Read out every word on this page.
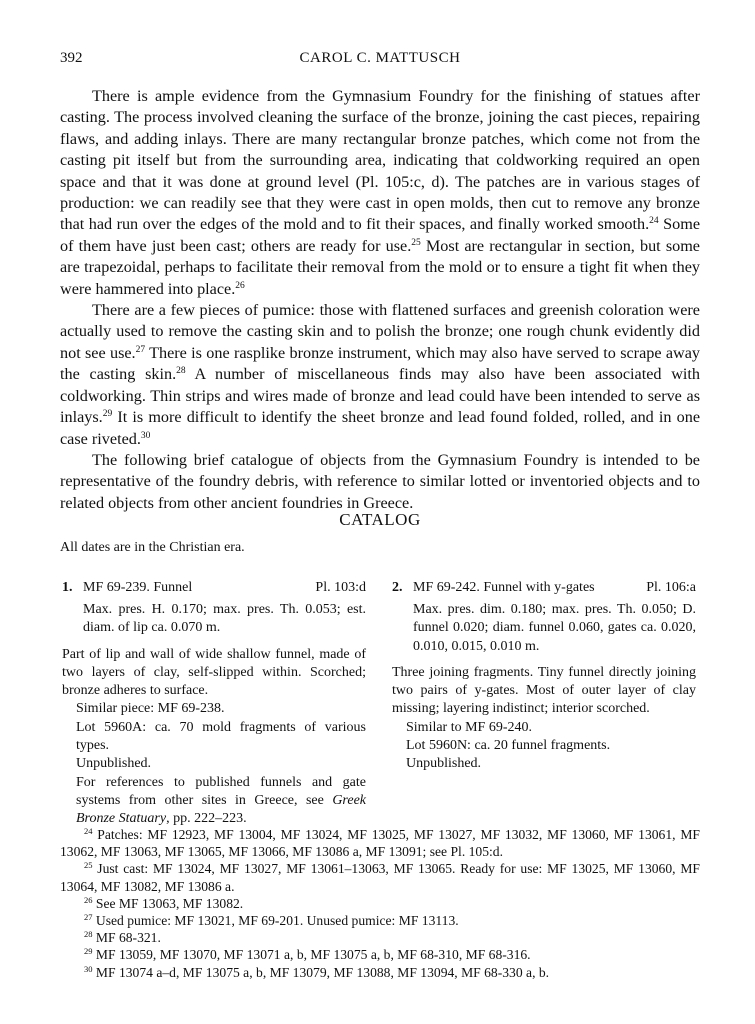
392	CAROL C. MATTUSCH

There is ample evidence from the Gymnasium Foundry for the finishing of statues after casting. The process involved cleaning the surface of the bronze, joining the cast pieces, repairing flaws, and adding inlays. There are many rectangular bronze patches, which come not from the casting pit itself but from the surrounding area, indicating that coldworking required an open space and that it was done at ground level (Pl. 105:c, d). The patches are in various stages of production: we can readily see that they were cast in open molds, then cut to remove any bronze that had run over the edges of the mold and to fit their spaces, and finally worked smooth.$^{24}$ Some of them have just been cast; others are ready for use.$^{25}$ Most are rectangular in section, but some are trapezoidal, perhaps to facilitate their removal from the mold or to ensure a tight fit when they were hammered into place.$^{26}$

There are a few pieces of pumice: those with flattened surfaces and greenish coloration were actually used to remove the casting skin and to polish the bronze; one rough chunk evidently did not see use.$^{27}$ There is one rasplike bronze instrument, which may also have served to scrape away the casting skin.$^{28}$ A number of miscellaneous finds may also have been associated with coldworking. Thin strips and wires made of bronze and lead could have been intended to serve as inlays.$^{29}$ It is more difficult to identify the sheet bronze and lead found folded, rolled, and in one case riveted.$^{30}$

The following brief catalogue of objects from the Gymnasium Foundry is intended to be representative of the foundry debris, with reference to similar lotted or inventoried objects and to related objects from other ancient foundries in Greece.

CATALOG
All dates are in the Christian era.
1. MF 69-239. Funnel	Pl. 103:d

Max. pres. H. 0.170; max. pres. Th. 0.053; est. diam. of lip ca. 0.070 m.

Part of lip and wall of wide shallow funnel, made of two layers of clay, self-slipped within. Scorched; bronze adheres to surface.

Similar piece: MF 69-238.

Lot 5960A: ca. 70 mold fragments of various types.

Unpublished.

For references to published funnels and gate systems from other sites in Greece, see Greek Bronze Statuary, pp. 222–223.

2. MF 69-242. Funnel with y-gates	Pl. 106:a

Max. pres. dim. 0.180; max. pres. Th. 0.050; D. funnel 0.020; diam. funnel 0.060, gates ca. 0.020, 0.010, 0.015, 0.010 m.

Three joining fragments. Tiny funnel directly joining two pairs of y-gates. Most of outer layer of clay missing; layering indistinct; interior scorched.

Similar to MF 69-240.

Lot 5960N: ca. 20 funnel fragments.

Unpublished.

$^{24}$ Patches: MF 12923, MF 13004, MF 13024, MF 13025, MF 13027, MF 13032, MF 13060, MF 13061, MF 13062, MF 13063, MF 13065, MF 13066, MF 13086 a, MF 13091; see Pl. 105:d.

$^{25}$ Just cast: MF 13024, MF 13027, MF 13061–13063, MF 13065. Ready for use: MF 13025, MF 13060, MF 13064, MF 13082, MF 13086 a.

$^{26}$ See MF 13063, MF 13082.

$^{27}$ Used pumice: MF 13021, MF 69-201. Unused pumice: MF 13113.

$^{28}$ MF 68-321.

$^{29}$ MF 13059, MF 13070, MF 13071 a, b, MF 13075 a, b, MF 68-310, MF 68-316.

$^{30}$ MF 13074 a–d, MF 13075 a, b, MF 13079, MF 13088, MF 13094, MF 68-330 a, b.
